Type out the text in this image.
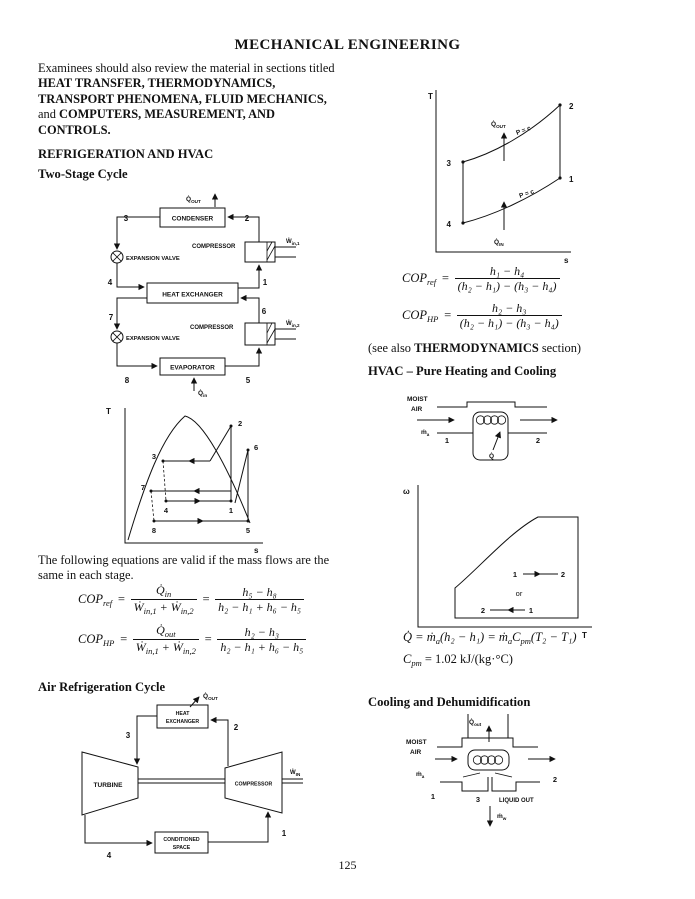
MECHANICAL ENGINEERING
Examinees should also review the material in sections titled
HEAT TRANSFER, THERMODYNAMICS,
TRANSPORT PHENOMENA, FLUID MECHANICS,
and COMPUTERS, MEASUREMENT, AND
CONTROLS.
REFRIGERATION AND HVAC
Two-Stage Cycle
$Q̇_{OUT}$
CONDENSER
3	2
EXPANSION VALVE
4
HEAT EXCHANGER
COMPRESSOR
Ẇ$_{in,1}$
1
6
COMPRESSOR
Ẇ$_{in,2}$
7
EXPANSION VALVE
8
EVAPORATOR
5
$Q̇_{in}$
T
s
2
3
1
4
$Q̇_{OUT}$ P = c
P = c
$Q̇_{IN}$
$COP_{ref} = \frac{\text{h₁ − h₄}}{\text{(h₂ − h₁) − (h₃ − h₄)}}$
$COP_{HP} = \frac{\text{h₂ − h₃}}{\text{(h₂ − h₁) − (h₃ − h₄)}}$
(see also THERMODYNAMICS section)
HVAC – Pure Heating and Cooling
MOIST
AIR
ṁ$_a$
1	2
Q̇
ω
T
1	2
or
2	1
Q̇ = ṁ$_a$(h₂ − $h_1) = ṁ_aC_{pm}(T_2 - T_1)$
$C_{pm} = 1.02$ kJ/(kg·°C)
T
s
2
3
6
7
4	1
8	5
The following equations are valid if the mass flows are the
same in each stage.
$COP_{ref} = \frac{Q̇_{in}}{Ẇ_{in,1} + Ẇ_{in,2}} = \frac{\text{h₅ − h₈}}{\text{h₂ − h₁ + h₆ − h₅}}$
$COP_{HP} = \frac{Q̇_{out}}{Ẇ_{in,1} + Ẇ_{in,2}} = \frac{\text{h₂ − h₃}}{\text{h₂ − h₁ + h₆ − h₅}}$
Air Refrigeration Cycle
$Q̇_{OUT}$
HEAT
EXCHANGER
3
2
TURBINE	COMPRESSOR
Ẇ$_{IN}$
CONDITIONED
SPACE
4
1
Cooling and Dehumidification
$Q̇_{out}$
MOIST
AIR
ṁ$_a$
1
2
3	LIQUID OUT
ṁ$_w$
125
